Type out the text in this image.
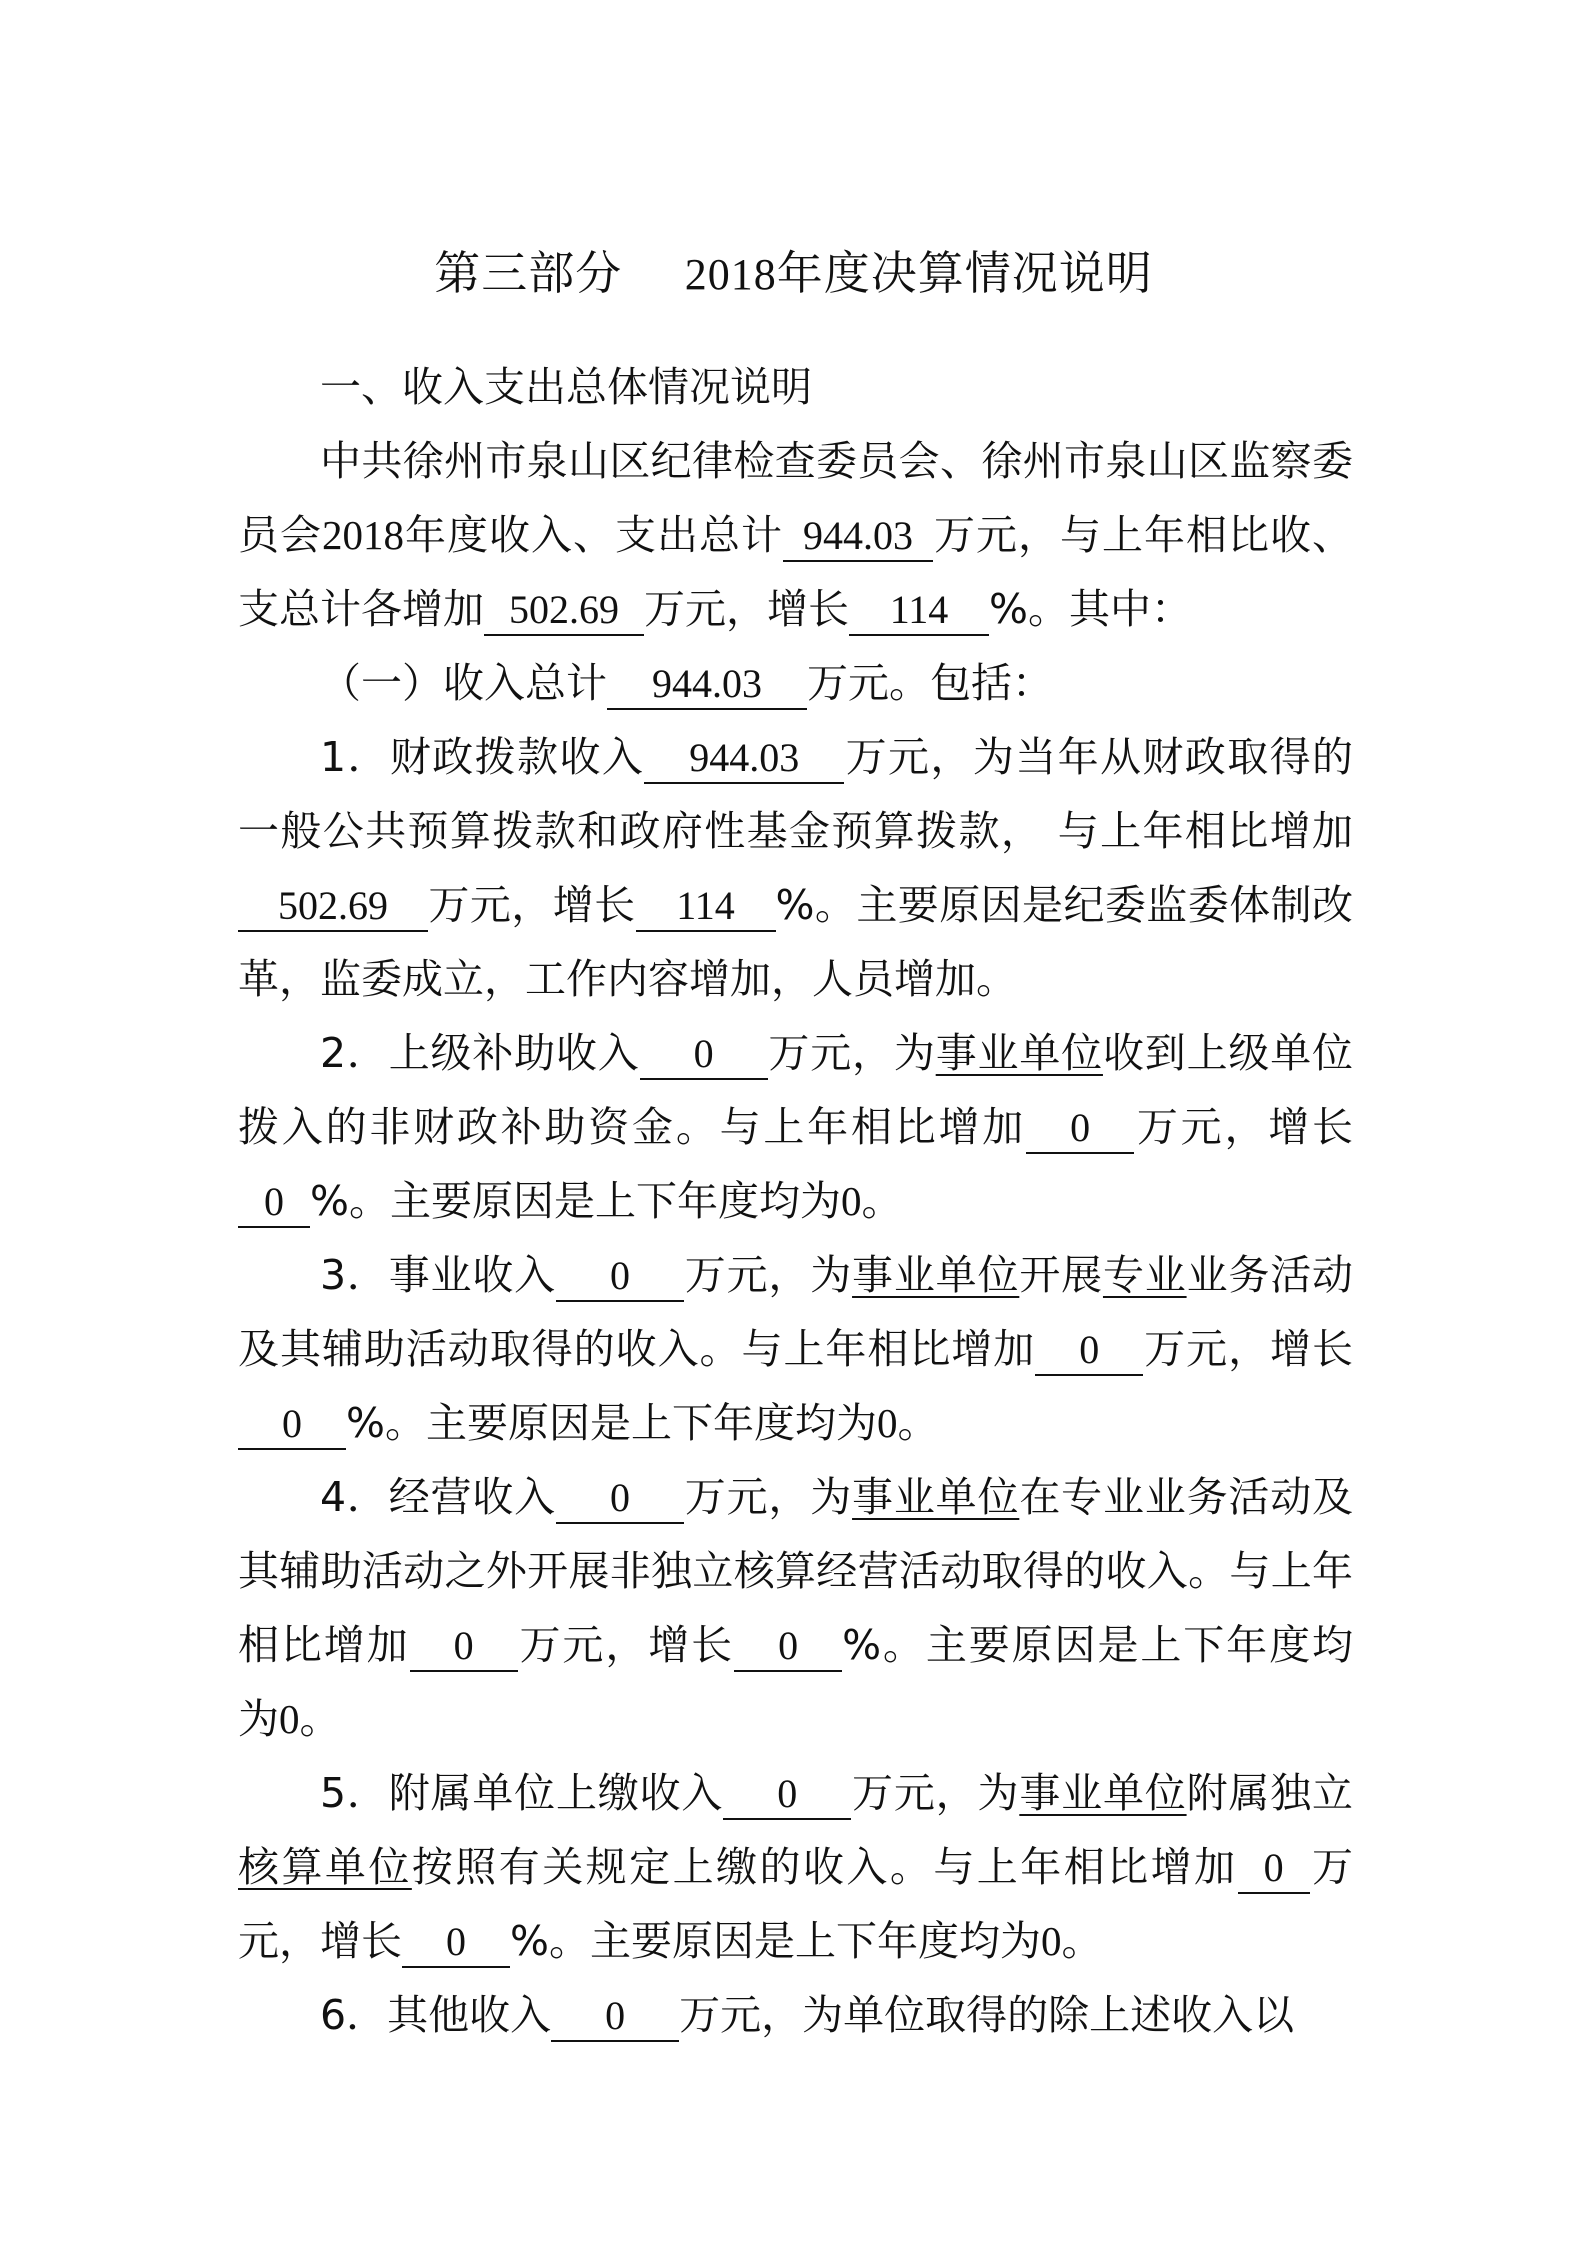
第三部分 2018年度决算情况说明

一、收入支出总体情况说明

中共徐州市泉山区纪律检查委员会、徐州市泉山区监察委员会2018年度收入、支出总计 944.03 万元，与上年相比收、支总计各增加 502.69 万元，增长 114 %。其中：

（一）收入总计 944.03 万元。包括：

1．财政拨款收入 944.03 万元，为当年从财政取得的一般公共预算拨款和政府性基金预算拨款， 与上年相比增加502.69 万元，增长 114 %。主要原因是纪委监委体制改革，监委成立，工作内容增加，人员增加。

2．上级补助收入 0 万元，为事业单位收到上级单位拨入的非财政补助资金。与上年相比增加 0 万元，增长0 %。主要原因是上下年度均为0。

3．事业收入 0 万元，为事业单位开展专业业务活动及其辅助活动取得的收入。与上年相比增加 0 万元，增长0 %。主要原因是上下年度均为0。

4．经营收入 0 万元，为事业单位在专业业务活动及其辅助活动之外开展非独立核算经营活动取得的收入。与上年相比增加 0 万元，增长 0 %。主要原因是上下年度均为0。

5．附属单位上缴收入 0 万元，为事业单位附属独立核算单位按照有关规定上缴的收入。与上年相比增加 0 万元，增长 0 %。主要原因是上下年度均为0。

6．其他收入 0 万元，为单位取得的除上述收入以
